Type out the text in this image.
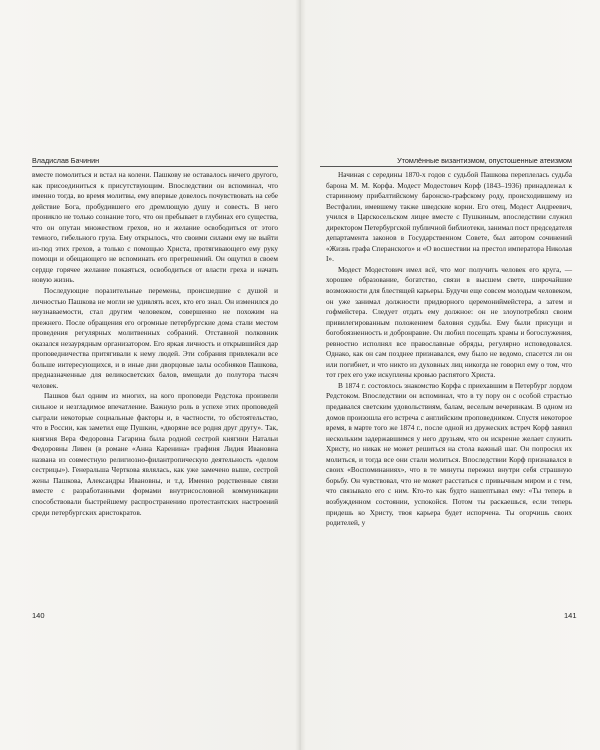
Владислав Бачинин

вместе помолиться и встал на колени. Пашкову не оставалось ничего другого, как присоединиться к присутствующим. Впоследствии он вспоминал, что именно тогда, во время молитвы, ему впервые довелось почувствовать на себе действие Бога, пробудившего его дремлющую душу и совесть. В него проникло не только сознание того, что он пребывает в глубинах его существа, что он опутан множеством грехов, но и желание освободиться от этого темного, гибельного груза. Ему открылось, что своими силами ему не выйти из-под этих грехов, а только с помощью Христа, протягивающего ему руку помощи и обещающего не вспоминать его прегрешений. Он ощутил в своем сердце горячее желание покаяться, освободиться от власти греха и начать новую жизнь.

Последующие поразительные перемены, происшедшие с душой и личностью Пашкова не могли не удивлять всех, кто его знал. Он изменился до неузнаваемости, стал другим человеком, совершенно не похожим на прежнего. После обращения его огромные петербургские дома стали местом проведения регулярных молитвенных собраний. Отставной полковник оказался незаурядным организатором. Его яркая личность и открывшийся дар проповедничества притягивали к нему людей. Эти собрания привлекали все больше интересующихся, и в иные дни дворцовые залы особняков Пашкова, предназначенные для великосветских балов, вмещали до полутора тысяч человек.

Пашков был одним из многих, на кого проповеди Редстока произвели сильное и незгладимое впечатление. Важную роль в успехе этих проповедей сыграли некоторые социальные факторы и, в частности, то обстоятельство, что в России, как заметил еще Пушкин, «дворяне все родня друг другу». Так, княгиня Вера Федоровна Гагарина была родной сестрой княгини Натальи Федоровны Ливен (в романе «Анна Каренина» графиня Лидия Ивановна названа из совместную религиозно-филантропическую деятельность «делом сестрицы»). Генеральша Черткова являлась, как уже замечено выше, сестрой жены Пашкова, Александры Ивановны, и т.д. Именно родственные связи вместе с разработанными формами внутрисословной коммуникации способствовали быстрейшему распространению протестантских настроений среди петербургских аристократов.

140
Утомлённые византизмом, опустошенные атеизмом

Начиная с середины 1870-х годов с судьбой Пашкова переплелась судьба барона М. М. Корфа. Модест Модестович Корф (1843–1936) принадлежал к старинному прибалтийскому баронско-графскому роду, происходившему из Вестфалии, имевшему также шведские корни. Его отец, Модест Андреевич, учился в Царскосельском лицее вместе с Пушкиным, впоследствии служил директором Петербургской публичной библиотеки, занимал пост председателя департамента законов в Государственном Совете, был автором сочинений «Жизнь графа Сперанского» и «О восшествии на престол императора Николая I».

Модест Модестович имел всё, что мог получить человек его круга, — хорошее образование, богатство, связи в высшем свете, широчайшие возможности для блестящей карьеры. Будучи еще совсем молодым человеком, он уже занимал должности придворного церемониймейстера, а затем и гофмейстера. Следует отдать ему должное: он не злоупотреблял своим привилегированным положением баловня судьбы. Ему были присущи и богобоязненность и добронравие. Он любил посещать храмы и богослужения, ревностно исполнял все православные обряды, регулярно исповедовался. Однако, как он сам позднее признавался, ему было не ведомо, спасется ли он или погибнет, и что никто из духовных лиц никогда не говорил ему о том, что тот грех его уже искуплены кровью распятого Христа.

В 1874 г. состоялось знакомство Корфа с приехавшим в Петербург лордом Редстоком. Впоследствии он вспоминал, что в ту пору он с особой страстью предавался светским удовольствиям, балам, веселым вечеринкам. В одном из домов произошла его встреча с английским проповедником. Спустя некоторое время, в марте того же 1874 г., после одной из дружеских встреч Корф заявил нескольким задержавшимся у него друзьям, что он искренне желает служить Христу, но никак не может решиться на стола важный шаг. Он попросил их молиться, и тогда все они стали молиться. Впоследствии Корф признавался в своих «Воспоминаниях», что в те минуты пережил внутри себя страшную борьбу. Он чувствовал, что не может расстаться с привычным миром и с тем, что связывало его с ним. Кто-то как будто нашептывал ему: «Ты теперь в возбужденном состоянии, успокойся. Потом ты раскаешься, если теперь придешь ко Христу, твоя карьера будет испорчена. Ты огорчишь своих родителей, у

141
